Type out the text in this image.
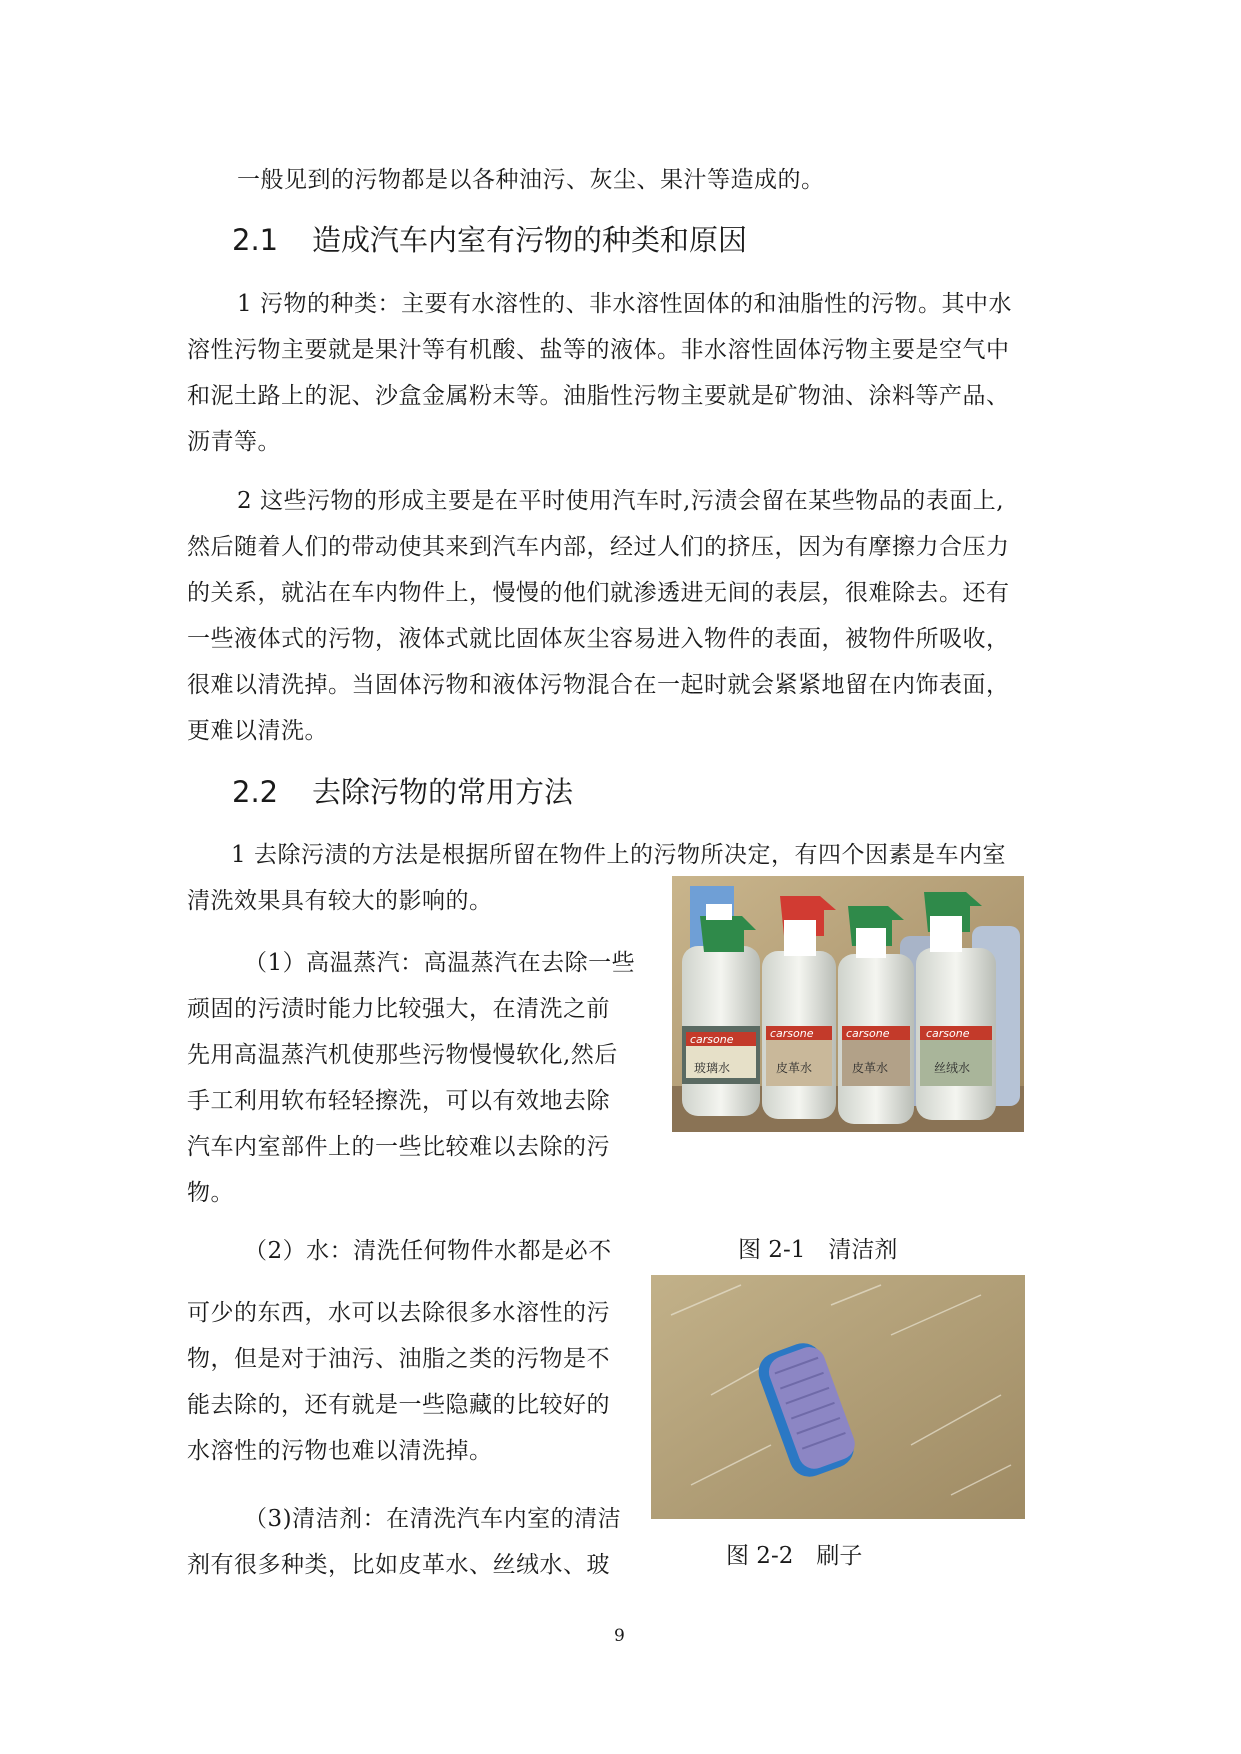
一般见到的污物都是以各种油污、灰尘、果汁等造成的。
2.1 造成汽车内室有污物的种类和原因
1 污物的种类：主要有水溶性的、非水溶性固体的和油脂性的污物。其中水
溶性污物主要就是果汁等有机酸、盐等的液体。非水溶性固体污物主要是空气中
和泥土路上的泥、沙盒金属粉末等。油脂性污物主要就是矿物油、涂料等产品、
沥青等。
2 这些污物的形成主要是在平时使用汽车时,污渍会留在某些物品的表面上,
然后随着人们的带动使其来到汽车内部，经过人们的挤压，因为有摩擦力合压力
的关系，就沾在车内物件上，慢慢的他们就渗透进无间的表层，很难除去。还有
一些液体式的污物，液体式就比固体灰尘容易进入物件的表面，被物件所吸收，
很难以清洗掉。当固体污物和液体污物混合在一起时就会紧紧地留在内饰表面，
更难以清洗。
2.2 去除污物的常用方法
1 去除污渍的方法是根据所留在物件上的污物所决定，有四个因素是车内室
清洗效果具有较大的影响的。
（1）高温蒸汽：高温蒸汽在去除一些
顽固的污渍时能力比较强大，在清洗之前
先用高温蒸汽机使那些污物慢慢软化,然后
手工利用软布轻轻擦洗，可以有效地去除
汽车内室部件上的一些比较难以去除的污
物。
（2）水：清洗任何物件水都是必不
可少的东西，水可以去除很多水溶性的污
物，但是对于油污、油脂之类的污物是不
能去除的，还有就是一些隐藏的比较好的
水溶性的污物也难以清洗掉。
（3)清洁剂：在清洗汽车内室的清洁
剂有很多种类，比如皮革水、丝绒水、玻
玻璃水	皮革水	皮革水	丝绒水
carsone	carsone	carsone	carsone
图 2-1　清洁剂
图 2-2　刷子
9
